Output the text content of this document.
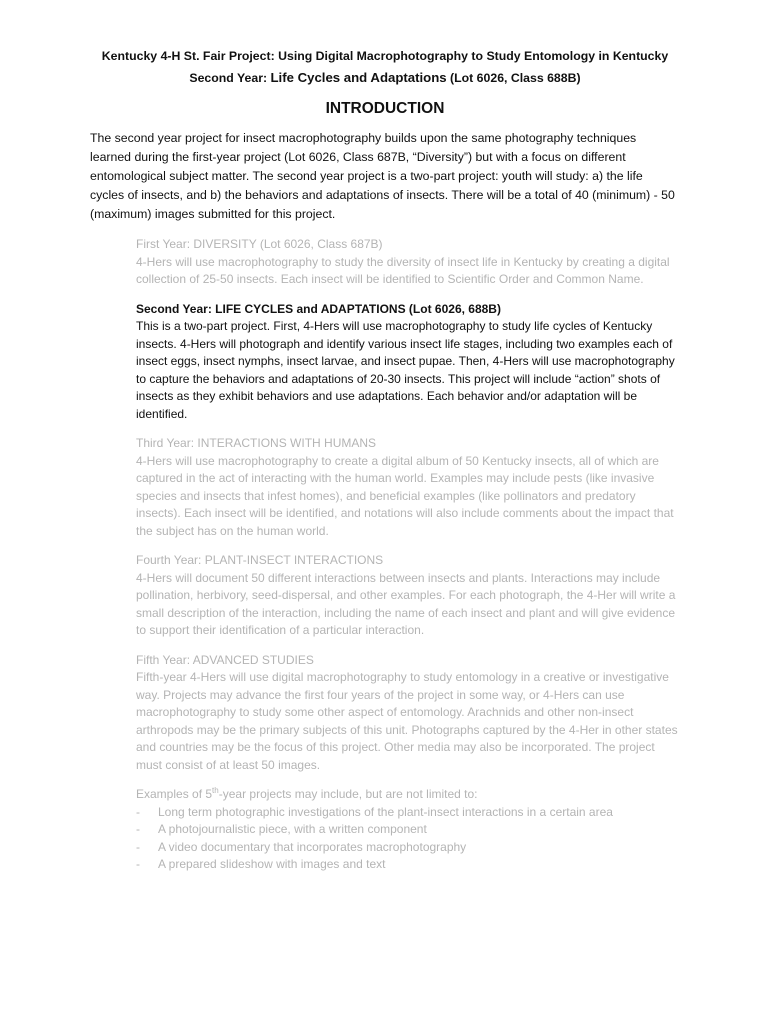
Kentucky 4-H St. Fair Project: Using Digital Macrophotography to Study Entomology in Kentucky
Second Year: Life Cycles and Adaptations (Lot 6026, Class 688B)
INTRODUCTION
The second year project for insect macrophotography builds upon the same photography techniques learned during the first-year project (Lot 6026, Class 687B, “Diversity”) but with a focus on different entomological subject matter. The second year project is a two-part project: youth will study: a) the life cycles of insects, and b) the behaviors and adaptations of insects. There will be a total of 40 (minimum) - 50 (maximum) images submitted for this project.
First Year: DIVERSITY (Lot 6026, Class 687B)
4-Hers will use macrophotography to study the diversity of insect life in Kentucky by creating a digital collection of 25-50 insects. Each insect will be identified to Scientific Order and Common Name.
Second Year: LIFE CYCLES and ADAPTATIONS (Lot 6026, 688B)
This is a two-part project. First, 4-Hers will use macrophotography to study life cycles of Kentucky insects. 4-Hers will photograph and identify various insect life stages, including two examples each of insect eggs, insect nymphs, insect larvae, and insect pupae. Then, 4-Hers will use macrophotography to capture the behaviors and adaptations of 20-30 insects. This project will include “action” shots of insects as they exhibit behaviors and use adaptations. Each behavior and/or adaptation will be identified.
Third Year: INTERACTIONS WITH HUMANS
4-Hers will use macrophotography to create a digital album of 50 Kentucky insects, all of which are captured in the act of interacting with the human world. Examples may include pests (like invasive species and insects that infest homes), and beneficial examples (like pollinators and predatory insects). Each insect will be identified, and notations will also include comments about the impact that the subject has on the human world.
Fourth Year: PLANT-INSECT INTERACTIONS
4-Hers will document 50 different interactions between insects and plants. Interactions may include pollination, herbivory, seed-dispersal, and other examples. For each photograph, the 4-Her will write a small description of the interaction, including the name of each insect and plant and will give evidence to support their identification of a particular interaction.
Fifth Year: ADVANCED STUDIES
Fifth-year 4-Hers will use digital macrophotography to study entomology in a creative or investigative way. Projects may advance the first four years of the project in some way, or 4-Hers can use macrophotography to study some other aspect of entomology. Arachnids and other non-insect arthropods may be the primary subjects of this unit. Photographs captured by the 4-Her in other states and countries may be the focus of this project. Other media may also be incorporated. The project must consist of at least 50 images.
Examples of 5th-year projects may include, but are not limited to:
- Long term photographic investigations of the plant-insect interactions in a certain area
- A photojournalistic piece, with a written component
- A video documentary that incorporates macrophotography
- A prepared slideshow with images and text
